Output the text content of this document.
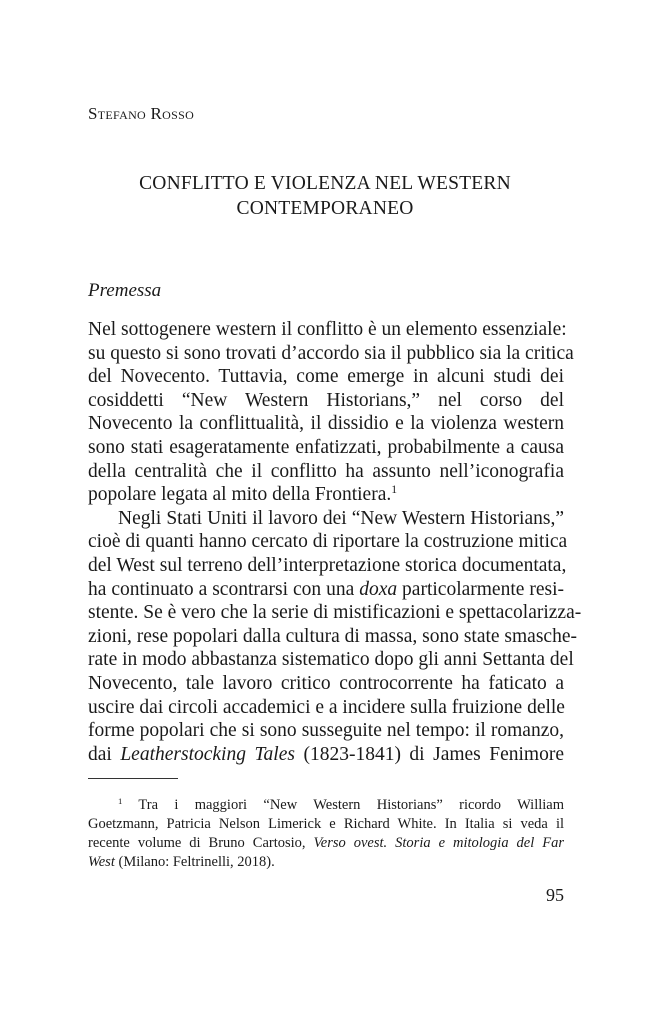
Stefano Rosso
CONFLITTO E VIOLENZA NEL WESTERN
CONTEMPORANEO
Premessa
Nel sottogenere western il conflitto è un elemento essenziale:
su questo si sono trovati d’accordo sia il pubblico sia la critica
del Novecento. Tuttavia, come emerge in alcuni studi dei
cosiddetti “New Western Historians,” nel corso del
Novecento la conflittualità, il dissidio e la violenza western
sono stati esageratamente enfatizzati, probabilmente a causa
della centralità che il conflitto ha assunto nell’iconografia
popolare legata al mito della Frontiera.$^1$
Negli Stati Uniti il lavoro dei “New Western Historians,”
cioè di quanti hanno cercato di riportare la costruzione mitica
del West sul terreno dell’interpretazione storica documentata,
ha continuato a scontrarsi con una doxa particolarmente resi-
stente. Se è vero che la serie di mistificazioni e spettacolarizza-
zioni, rese popolari dalla cultura di massa, sono state smasche-
rate in modo abbastanza sistematico dopo gli anni Settanta del
Novecento, tale lavoro critico controcorrente ha faticato a
uscire dai circoli accademici e a incidere sulla fruizione delle
forme popolari che si sono susseguite nel tempo: il romanzo,
dai Leatherstocking Tales (1823-1841) di James Fenimore
$^1$ Tra i maggiori “New Western Historians” ricordo William
Goetzmann, Patricia Nelson Limerick e Richard White. In Italia si veda il
recente volume di Bruno Cartosio, Verso ovest. Storia e mitologia del Far
West (Milano: Feltrinelli, 2018).
95
